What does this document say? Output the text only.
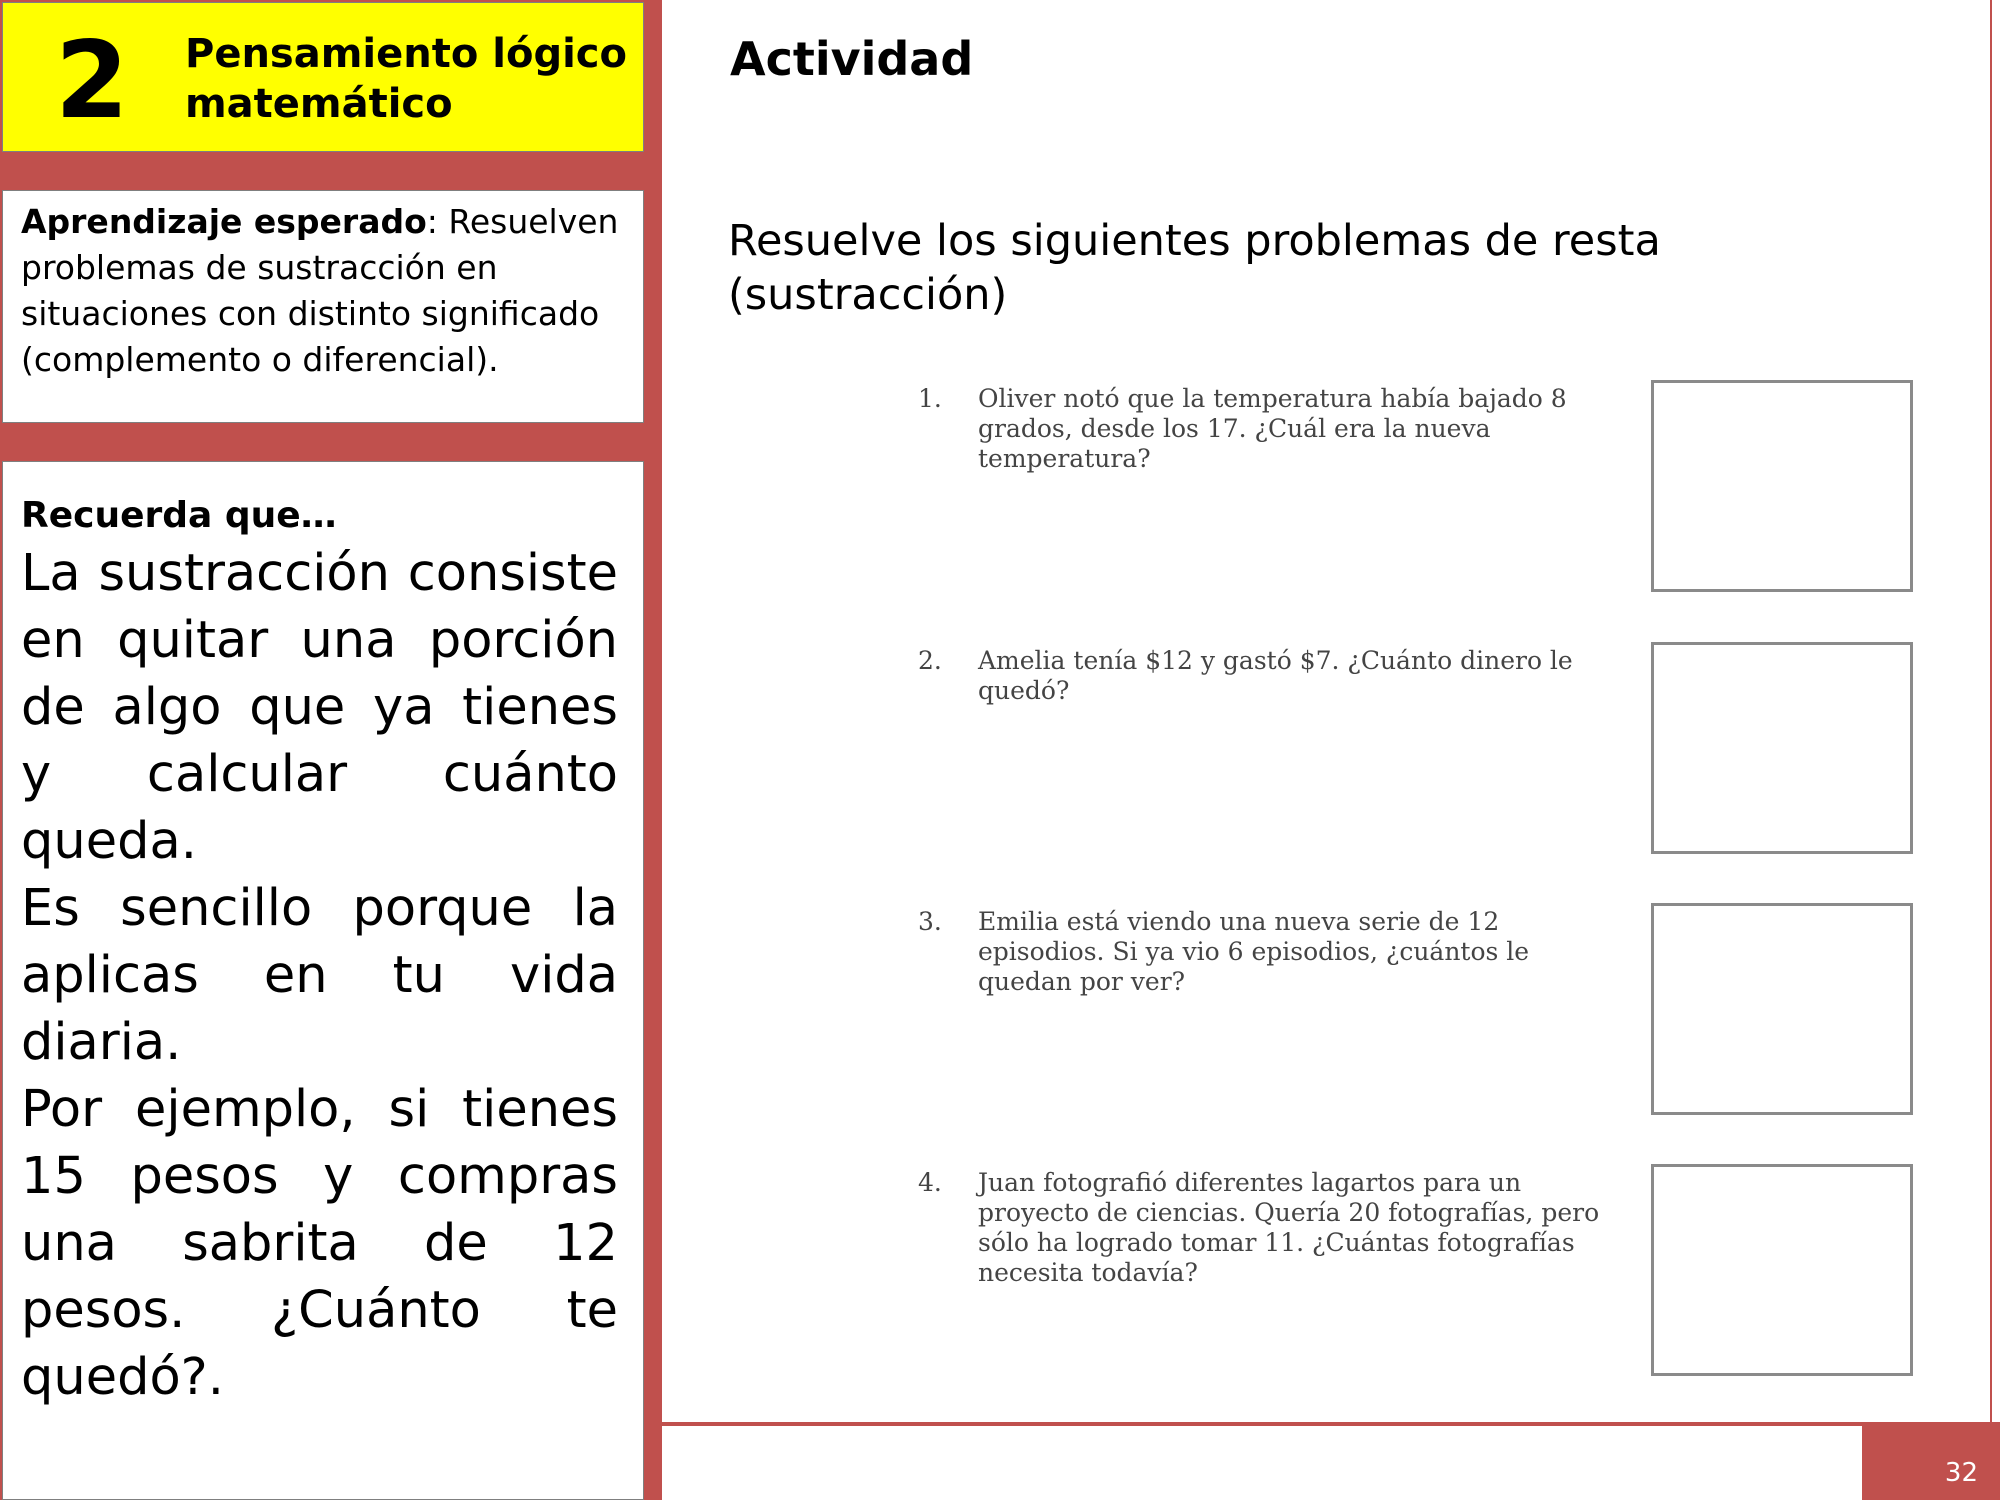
2 Pensamiento lógico
matemático
Aprendizaje esperado: Resuelven problemas de sustracción en situaciones con distinto significado (complemento o diferencial).
Recuerda que…

La sustracción consiste en quitar una porción de algo que ya tienes y calcular cuánto queda.

Es sencillo porque la aplicas en tu vida diaria.

Por ejemplo, si tienes 15 pesos y compras una sabrita de 12 pesos. ¿Cuánto te quedó?.

Actividad
Resuelve los siguientes problemas de resta (sustracción)
1.	Oliver notó que la temperatura había bajado 8 grados, desde los 17. ¿Cuál era la nueva temperatura?
2.	Amelia tenía $12 y gastó $7. ¿Cuánto dinero le quedó?
3.	Emilia está viendo una nueva serie de 12 episodios. Si ya vio 6 episodios, ¿cuántos le quedan por ver?
4.	Juan fotografió diferentes lagartos para un proyecto de ciencias. Quería 20 fotografías, pero sólo ha logrado tomar 11. ¿Cuántas fotografías necesita todavía?
32
